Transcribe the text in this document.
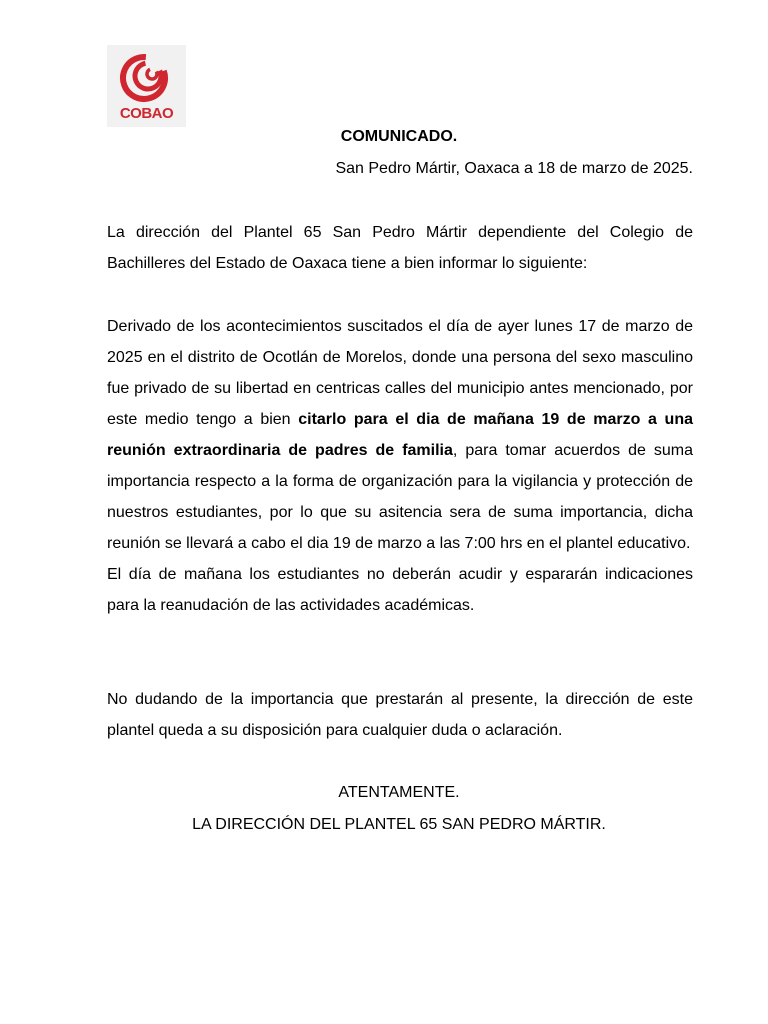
COBAO
COMUNICADO.
San Pedro Mártir, Oaxaca a 18 de marzo de 2025.

La dirección del Plantel 65 San Pedro Mártir dependiente del Colegio de Bachilleres del Estado de Oaxaca tiene a bien informar lo siguiente:

Derivado de los acontecimientos suscitados el día de ayer lunes 17 de marzo de 2025 en el distrito de Ocotlán de Morelos, donde una persona del sexo masculino fue privado de su libertad en centricas calles del municipio antes mencionado, por este medio tengo a bien citarlo para el dia de mañana 19 de marzo a una reunión extraordinaria de padres de familia, para tomar acuerdos de suma importancia respecto a la forma de organización para la vigilancia y protección de nuestros estudiantes, por lo que su asitencia sera de suma importancia, dicha reunión se llevará a cabo el dia 19 de marzo a las 7:00 hrs en el plantel educativo.
El día de mañana los estudiantes no deberán acudir y espararán indicaciones para la reanudación de las actividades académicas.

No dudando de la importancia que prestarán al presente, la dirección de este plantel queda a su disposición para cualquier duda o aclaración.

ATENTAMENTE.
LA DIRECCIÓN DEL PLANTEL 65 SAN PEDRO MÁRTIR.
